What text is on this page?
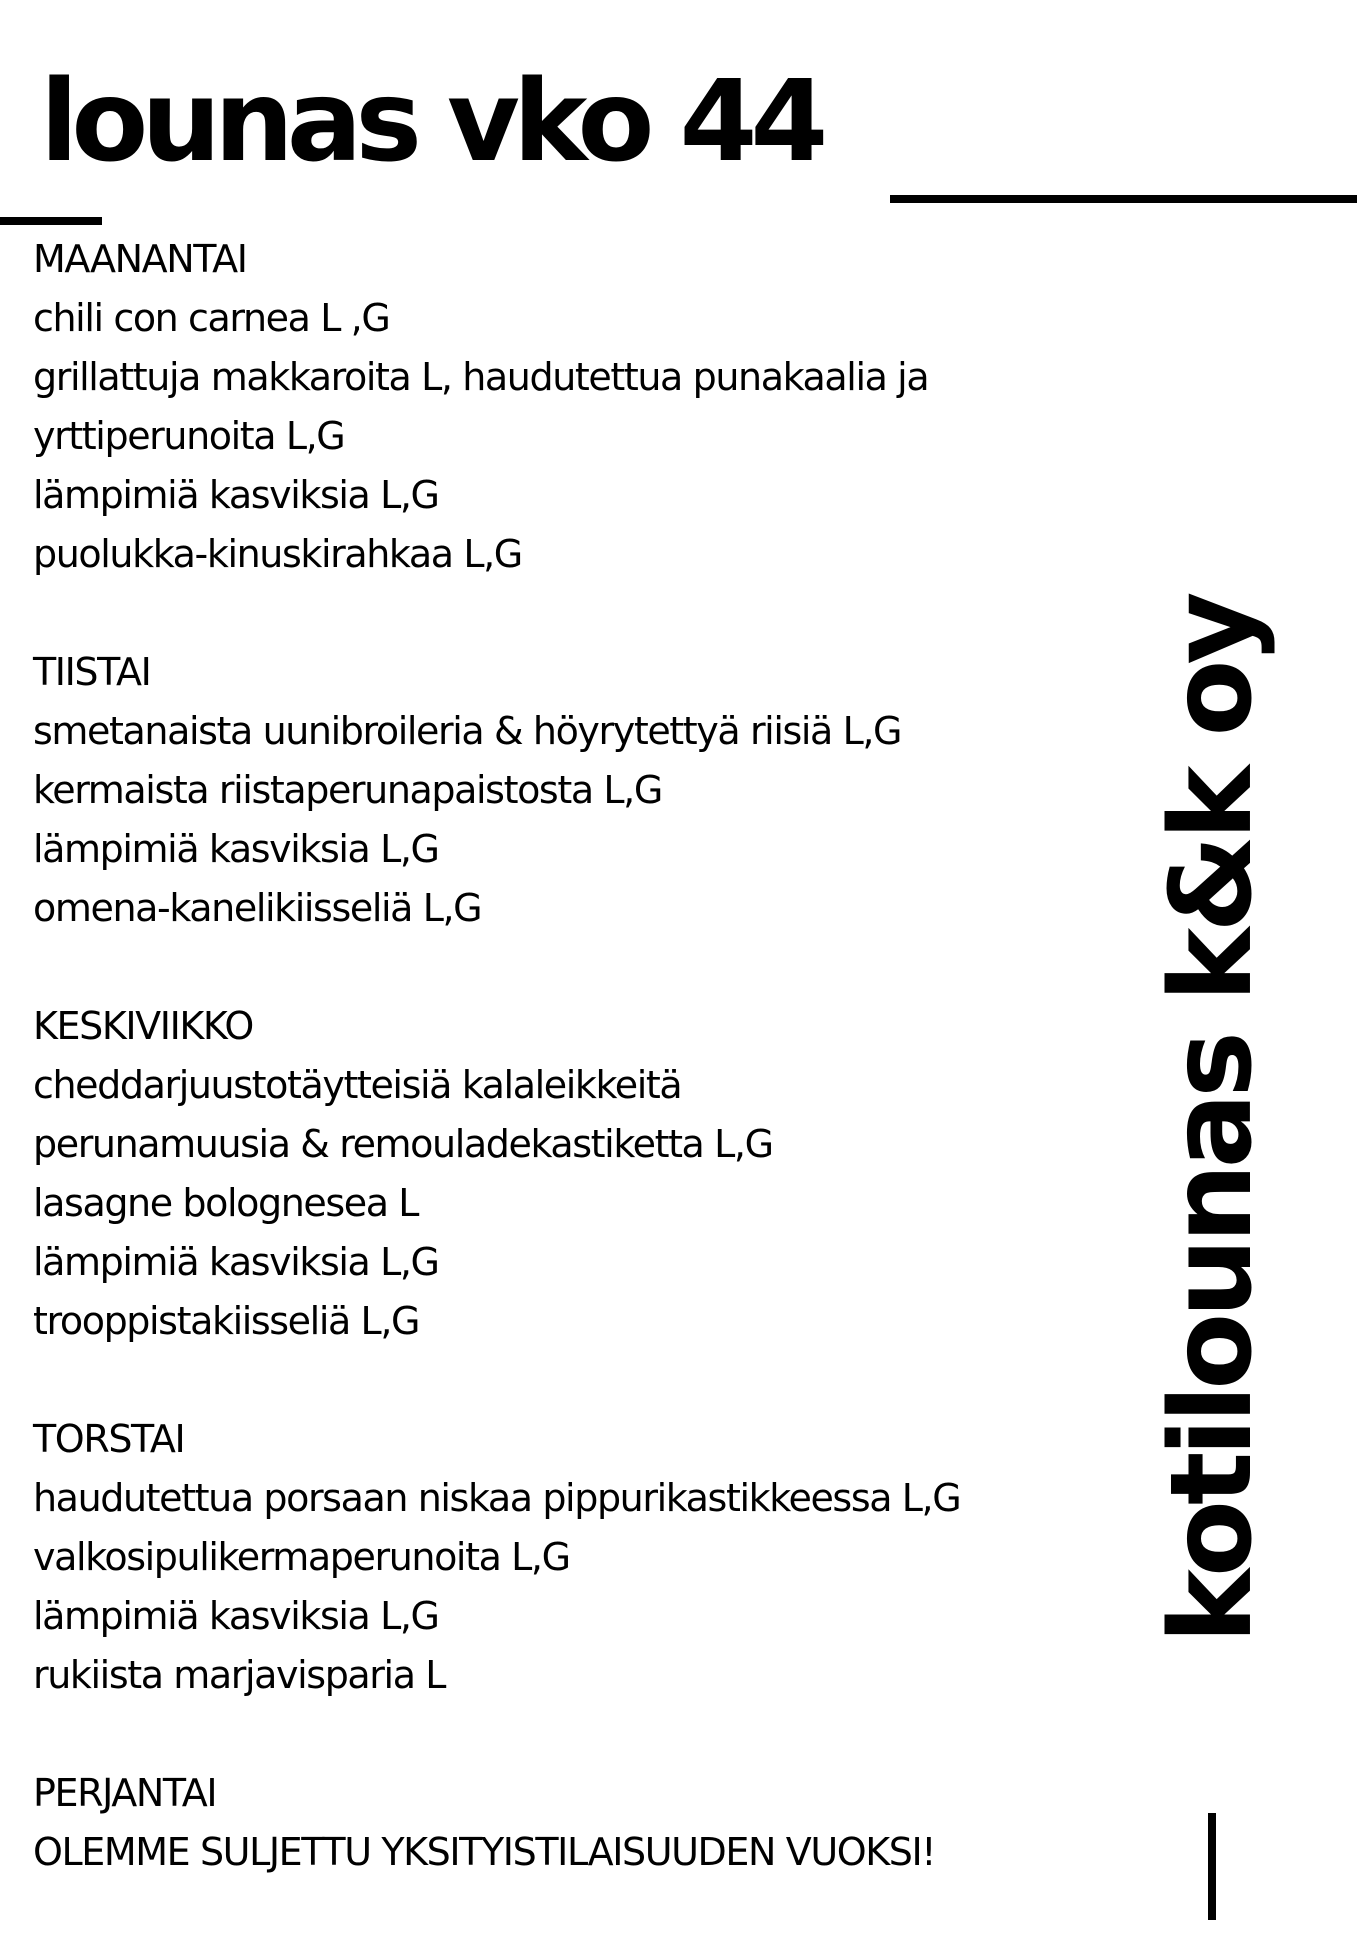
lounas vko 44
MAANANTAI
chili con carnea L ,G
grillattuja makkaroita L, haudutettua punakaalia ja
yrttiperunoita L,G
lämpimiä kasviksia L,G
puolukka-kinuskirahkaa L,G
TIISTAI
smetanaista uunibroileria & höyrytettyä riisiä L,G
kermaista riistaperunapaistosta L,G
lämpimiä kasviksia L,G
omena-kanelikiisseliä L,G
KESKIVIIKKO
cheddarjuustotäytteisiä kalaleikkeitä
perunamuusia & remouladekastiketta L,G
lasagne bolognesea L
lämpimiä kasviksia L,G
trooppistakiisseliä L,G
TORSTAI
haudutettua porsaan niskaa pippurikastikkeessa L,G
valkosipulikermaperunoita L,G
lämpimiä kasviksia L,G
rukiista marjavisparia L
PERJANTAI
OLEMME SULJETTU YKSITYISTILAISUUDEN VUOKSI!
kotilounas k&k oy
